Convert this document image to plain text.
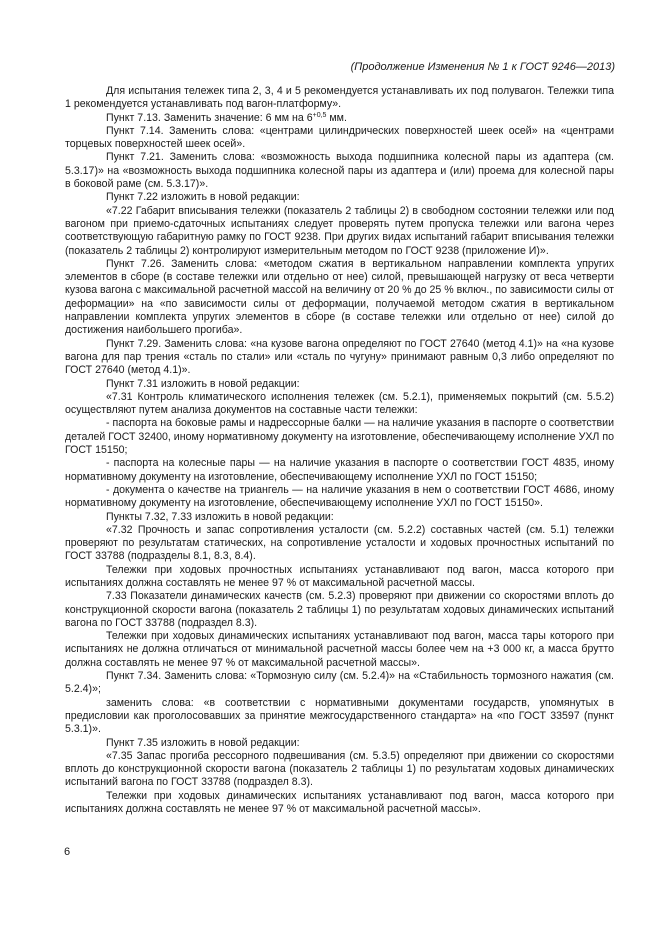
(Продолжение Изменения № 1 к ГОСТ 9246—2013)

Для испытания тележек типа 2, 3, 4 и 5 рекомендуется устанавливать их под полувагон. Тележки типа 1 рекомендуется устанавливать под вагон-платформу».

Пункт 7.13. Заменить значение: 6 мм на $6^{+0,5}$ мм.

Пункт 7.14. Заменить слова: «центрами цилиндрических поверхностей шеек осей» на «центрами торцевых поверхностей шеек осей».

Пункт 7.21. Заменить слова: «возможность выхода подшипника колесной пары из адаптера (см. 5.3.17)» на «возможность выхода подшипника колесной пары из адаптера и (или) проема для колесной пары в боковой раме (см. 5.3.17)».

Пункт 7.22 изложить в новой редакции:

«7.22 Габарит вписывания тележки (показатель 2 таблицы 2) в свободном состоянии тележки или под вагоном при приемо-сдаточных испытаниях следует проверять путем пропуска тележки или вагона через соответствующую габаритную рамку по ГОСТ 9238. При других видах испытаний габарит вписывания тележки (показатель 2 таблицы 2) контролируют измерительным методом по ГОСТ 9238 (приложение И)».

Пункт 7.26. Заменить слова: «методом сжатия в вертикальном направлении комплекта упругих элементов в сборе (в составе тележки или отдельно от нее) силой, превышающей нагрузку от веса четверти кузова вагона с максимальной расчетной массой на величину от 20 % до 25 % включ., по зависимости силы от деформации» на «по зависимости силы от деформации, получаемой методом сжатия в вертикальном направлении комплекта упругих элементов в сборе (в составе тележки или отдельно от нее) силой до достижения наибольшего прогиба».

Пункт 7.29. Заменить слова: «на кузове вагона определяют по ГОСТ 27640 (метод 4.1)» на «на кузове вагона для пар трения «сталь по стали» или «сталь по чугуну» принимают равным 0,3 либо определяют по ГОСТ 27640 (метод 4.1)».

Пункт 7.31 изложить в новой редакции:

«7.31 Контроль климатического исполнения тележек (см. 5.2.1), применяемых покрытий (см. 5.5.2) осуществляют путем анализа документов на составные части тележки:

- паспорта на боковые рамы и надрессорные балки — на наличие указания в паспорте о соответствии деталей ГОСТ 32400, иному нормативному документу на изготовление, обеспечивающему исполнение УХЛ по ГОСТ 15150;

- паспорта на колесные пары — на наличие указания в паспорте о соответствии ГОСТ 4835, иному нормативному документу на изготовление, обеспечивающему исполнение УХЛ по ГОСТ 15150;

- документа о качестве на триангель — на наличие указания в нем о соответствии ГОСТ 4686, иному нормативному документу на изготовление, обеспечивающему исполнение УХЛ по ГОСТ 15150».

Пункты 7.32, 7.33 изложить в новой редакции:

«7.32 Прочность и запас сопротивления усталости (см. 5.2.2) составных частей (см. 5.1) тележки проверяют по результатам статических, на сопротивление усталости и ходовых прочностных испытаний по ГОСТ 33788 (подразделы 8.1, 8.3, 8.4).

Тележки при ходовых прочностных испытаниях устанавливают под вагон, масса которого при испытаниях должна составлять не менее 97 % от максимальной расчетной массы.

7.33 Показатели динамических качеств (см. 5.2.3) проверяют при движении со скоростями вплоть до конструкционной скорости вагона (показатель 2 таблицы 1) по результатам ходовых динамических испытаний вагона по ГОСТ 33788 (подраздел 8.3).

Тележки при ходовых динамических испытаниях устанавливают под вагон, масса тары которого при испытаниях не должна отличаться от минимальной расчетной массы более чем на +3 000 кг, а масса брутто должна составлять не менее 97 % от максимальной расчетной массы».

Пункт 7.34. Заменить слова: «Тормозную силу (см. 5.2.4)» на «Стабильность тормозного нажатия (см. 5.2.4)»;

заменить слова: «в соответствии с нормативными документами государств, упомянутых в предисловии как проголосовавших за принятие межгосударственного стандарта» на «по ГОСТ 33597 (пункт 5.3.1)».

Пункт 7.35 изложить в новой редакции:

«7.35 Запас прогиба рессорного подвешивания (см. 5.3.5) определяют при движении со скоростями вплоть до конструкционной скорости вагона (показатель 2 таблицы 1) по результатам ходовых динамических испытаний вагона по ГОСТ 33788 (подраздел 8.3).

Тележки при ходовых динамических испытаниях устанавливают под вагон, масса которого при испытаниях должна составлять не менее 97 % от максимальной расчетной массы».

6
